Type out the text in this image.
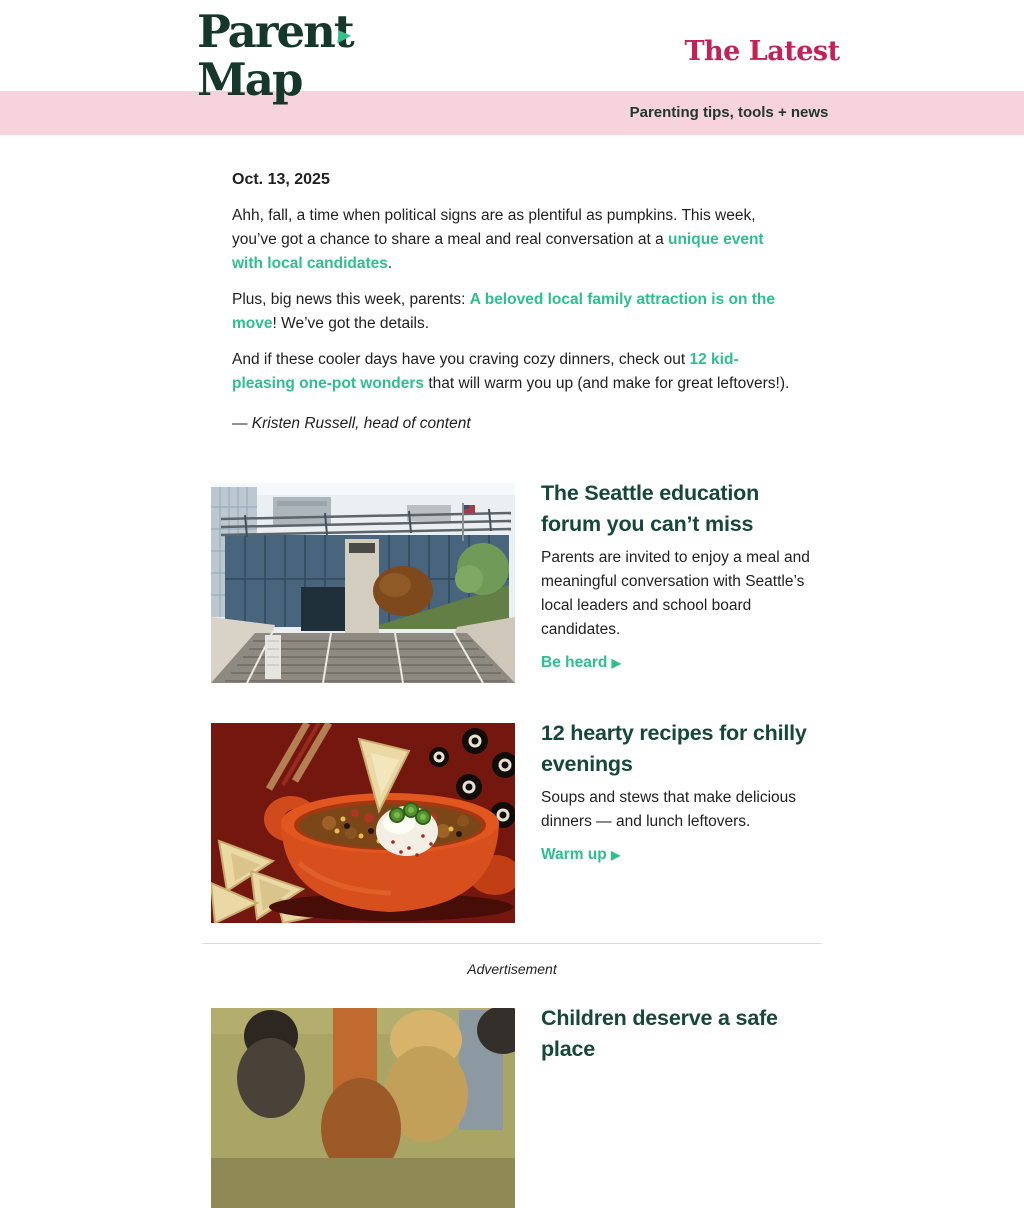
Parent
Map
The Latest
Parenting tips, tools + news
Oct. 13, 2025

Ahh, fall, a time when political signs are as plentiful as pumpkins. This week, you’ve got a chance to share a meal and real conversation at a unique event with local candidates.

Plus, big news this week, parents: A beloved local family attraction is on the move! We’ve got the details.

And if these cooler days have you craving cozy dinners, check out 12 kid-pleasing one-pot wonders that will warm you up (and make for great leftovers!).

— Kristen Russell, head of content
The Seattle education forum you can’t miss

Parents are invited to enjoy a meal and meaningful conversation with Seattle’s local leaders and school board candidates.

Be heard ▶
12 hearty recipes for chilly evenings

Soups and stews that make delicious dinners — and lunch leftovers.

Warm up ▶
Advertisement
Children deserve a safe place
